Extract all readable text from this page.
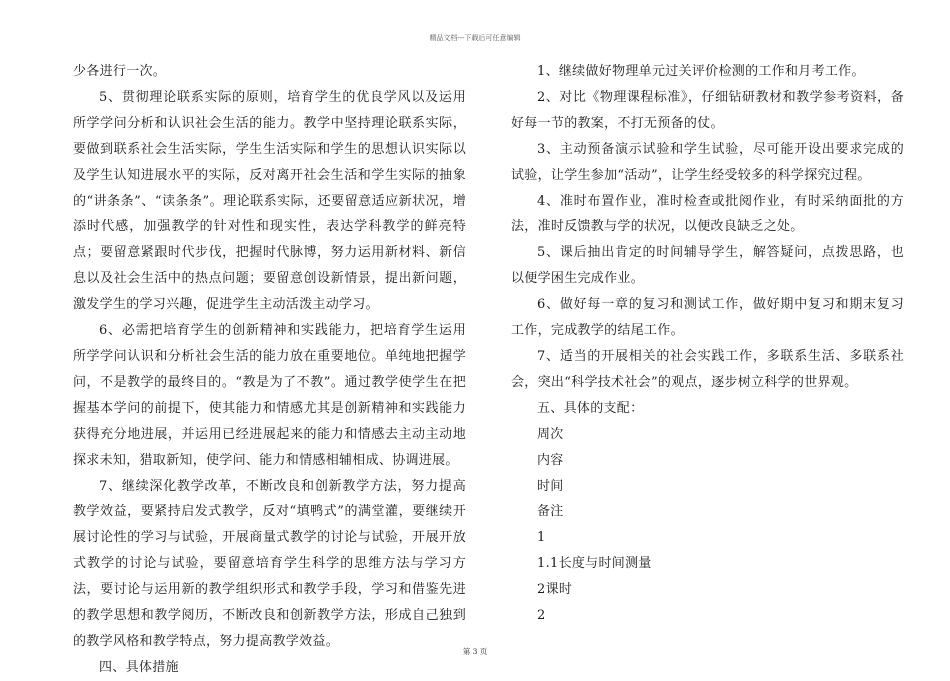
精品文档---下载后可任意编辑

少各进行一次。

5、贯彻理论联系实际的原则，培育学生的优良学风以及运用所学学问分析和认识社会生活的能力。教学中坚持理论联系实际，要做到联系社会生活实际，学生生活实际和学生的思想认识实际以及学生认知进展水平的实际，反对离开社会生活和学生实际的抽象的“讲条条”、“读条条”。理论联系实际，还要留意适应新状况，增添时代感，加强教学的针对性和现实性，表达学科教学的鲜亮特点；要留意紧跟时代步伐，把握时代脉博，努力运用新材料、新信息以及社会生活中的热点问题；要留意创设新情景，提出新问题，激发学生的学习兴趣，促进学生主动活泼主动学习。

6、必需把培育学生的创新精神和实践能力，把培育学生运用所学学问认识和分析社会生活的能力放在重要地位。单纯地把握学问，不是教学的最终目的。“教是为了不教”。通过教学使学生在把握基本学问的前提下，使其能力和情感尤其是创新精神和实践能力获得充分地进展，并运用已经进展起来的能力和情感去主动主动地探求未知，猎取新知，使学问、能力和情感相辅相成、协调进展。

7、继续深化教学改革，不断改良和创新教学方法，努力提高教学效益，要紧持启发式教学，反对“填鸭式”的满堂灌，要继续开展讨论性的学习与试验，开展商量式教学的讨论与试验，开展开放式教学的讨论与试验，要留意培育学生科学的思维方法与学习方法，要讨论与运用新的教学组织形式和教学手段，学习和借鉴先进的教学思想和教学阅历，不断改良和创新教学方法，形成自己独到的教学风格和教学特点，努力提高教学效益。

四、具体措施

1、继续做好物理单元过关评价检测的工作和月考工作。

2、对比《物理课程标准》，仔细钻研教材和教学参考资料，备好每一节的教案，不打无预备的仗。

3、主动预备演示试验和学生试验，尽可能开设出要求完成的试验，让学生参加“活动”，让学生经受较多的科学探究过程。

4、准时布置作业，准时检查或批阅作业，有时采纳面批的方法，准时反馈教与学的状况，以便改良缺乏之处。

5、课后抽出肯定的时间辅导学生，解答疑问，点拨思路，也以便学困生完成作业。

6、做好每一章的复习和测试工作，做好期中复习和期末复习工作，完成教学的结尾工作。

7、适当的开展相关的社会实践工作，多联系生活、多联系社会，突出“科学技术社会”的观点，逐步树立科学的世界观。

五、具体的支配：

周次

内容

时间

备注

1

1.1长度与时间测量

2课时

2

第 3 页
